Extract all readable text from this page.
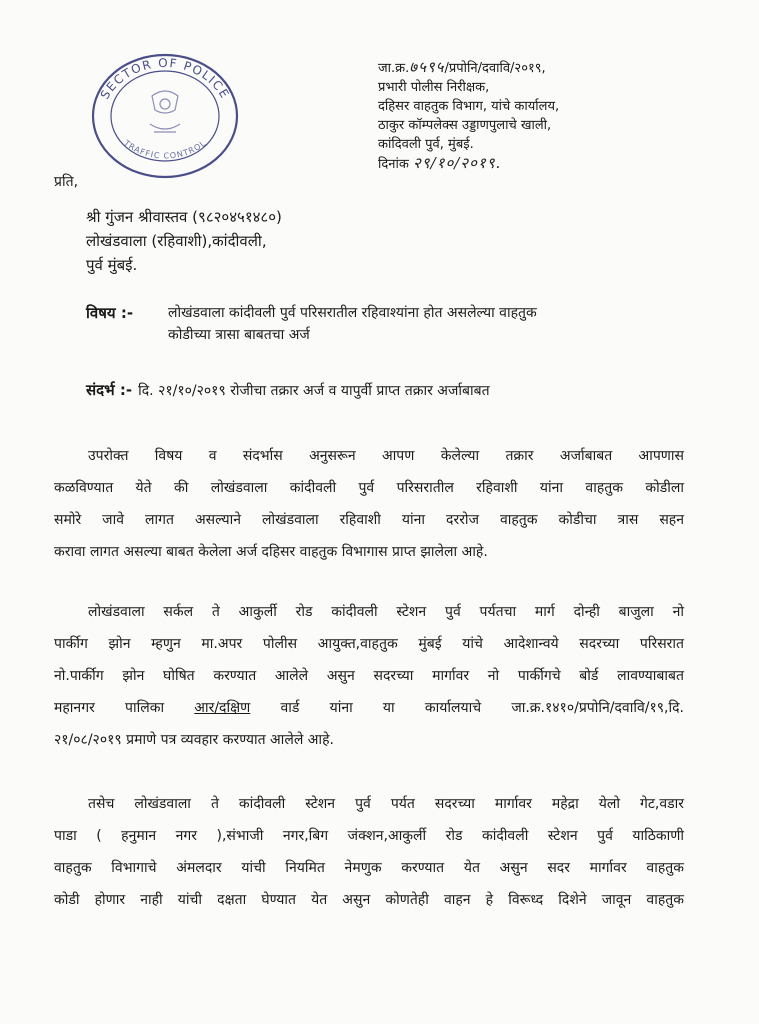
SECTOR OF POLICE
TRAFFIC CONTROL
जा.क्र.७५९५/प्रपोनि/दवावि/२०१९,
प्रभारी पोलीस निरीक्षक,
दहिसर वाहतुक विभाग, यांचे कार्यालय,
ठाकुर कॉम्पलेक्स उड्डाणपुलाचे खाली,
कांदिवली पुर्व, मुंबई.
दिनांक २९/१०/२०१९.
प्रति,
श्री गुंजन श्रीवास्तव (९८२०४५१४८०)
लोखंडवाला (रहिवाशी),कांदीवली,
पुर्व मुंबई.
विषय :- लोखंडवाला कांदीवली पुर्व परिसरातील रहिवाश्यांना होत असलेल्या वाहतुक
कोडीच्या त्रासा बाबतचा अर्ज
संदर्भ :- दि. २१/१०/२०१९ रोजीचा तक्रार अर्ज व यापुर्वी प्राप्त तक्रार अर्जाबाबत
उपरोक्त विषय व संदर्भास अनुसरून आपण केलेल्या तक्रार अर्जाबाबत आपणास
कळविण्यात येते की लोखंडवाला कांदीवली पुर्व परिसरातील रहिवाशी यांना वाहतुक कोडीला
समोरे जावे लागत असल्याने लोखंडवाला रहिवाशी यांना दररोज वाहतुक कोडीचा त्रास सहन
करावा लागत असल्या बाबत केलेला अर्ज दहिसर वाहतुक विभागास प्राप्त झालेला आहे.
लोखंडवाला सर्कल ते आकुर्ली रोड कांदीवली स्टेशन पुर्व पर्यतचा मार्ग दोन्ही बाजुला नो
पार्कीग झोन म्हणुन मा.अपर पोलीस आयुक्त,वाहतुक मुंबई यांचे आदेशान्वये सदरच्या परिसरात
नो.पार्कीग झोन घोषित करण्यात आलेले असुन सदरच्या मार्गावर नो पार्कीगचे बोर्ड लावण्याबाबत
महानगर पालिका आर/दक्षिण वार्ड यांना या कार्यालयाचे जा.क्र.१४१०/प्रपोनि/दवावि/१९,दि.
२१/०८/२०१९ प्रमाणे पत्र व्यवहार करण्यात आलेले आहे.
तसेच लोखंडवाला ते कांदीवली स्टेशन पुर्व पर्यत सदरच्या मार्गावर महेद्रा येलो गेट,वडार
पाडा ( हनुमान नगर ),संभाजी नगर,बिग जंक्शन,आकुर्ली रोड कांदीवली स्टेशन पुर्व याठिकाणी
वाहतुक विभागाचे अंमलदार यांची नियमित नेमणुक करण्यात येत असुन सदर मार्गावर वाहतुक
कोडी होणार नाही यांची दक्षता घेण्यात येत असुन कोणतेही वाहन हे विरूध्द दिशेने जावून वाहतुक
